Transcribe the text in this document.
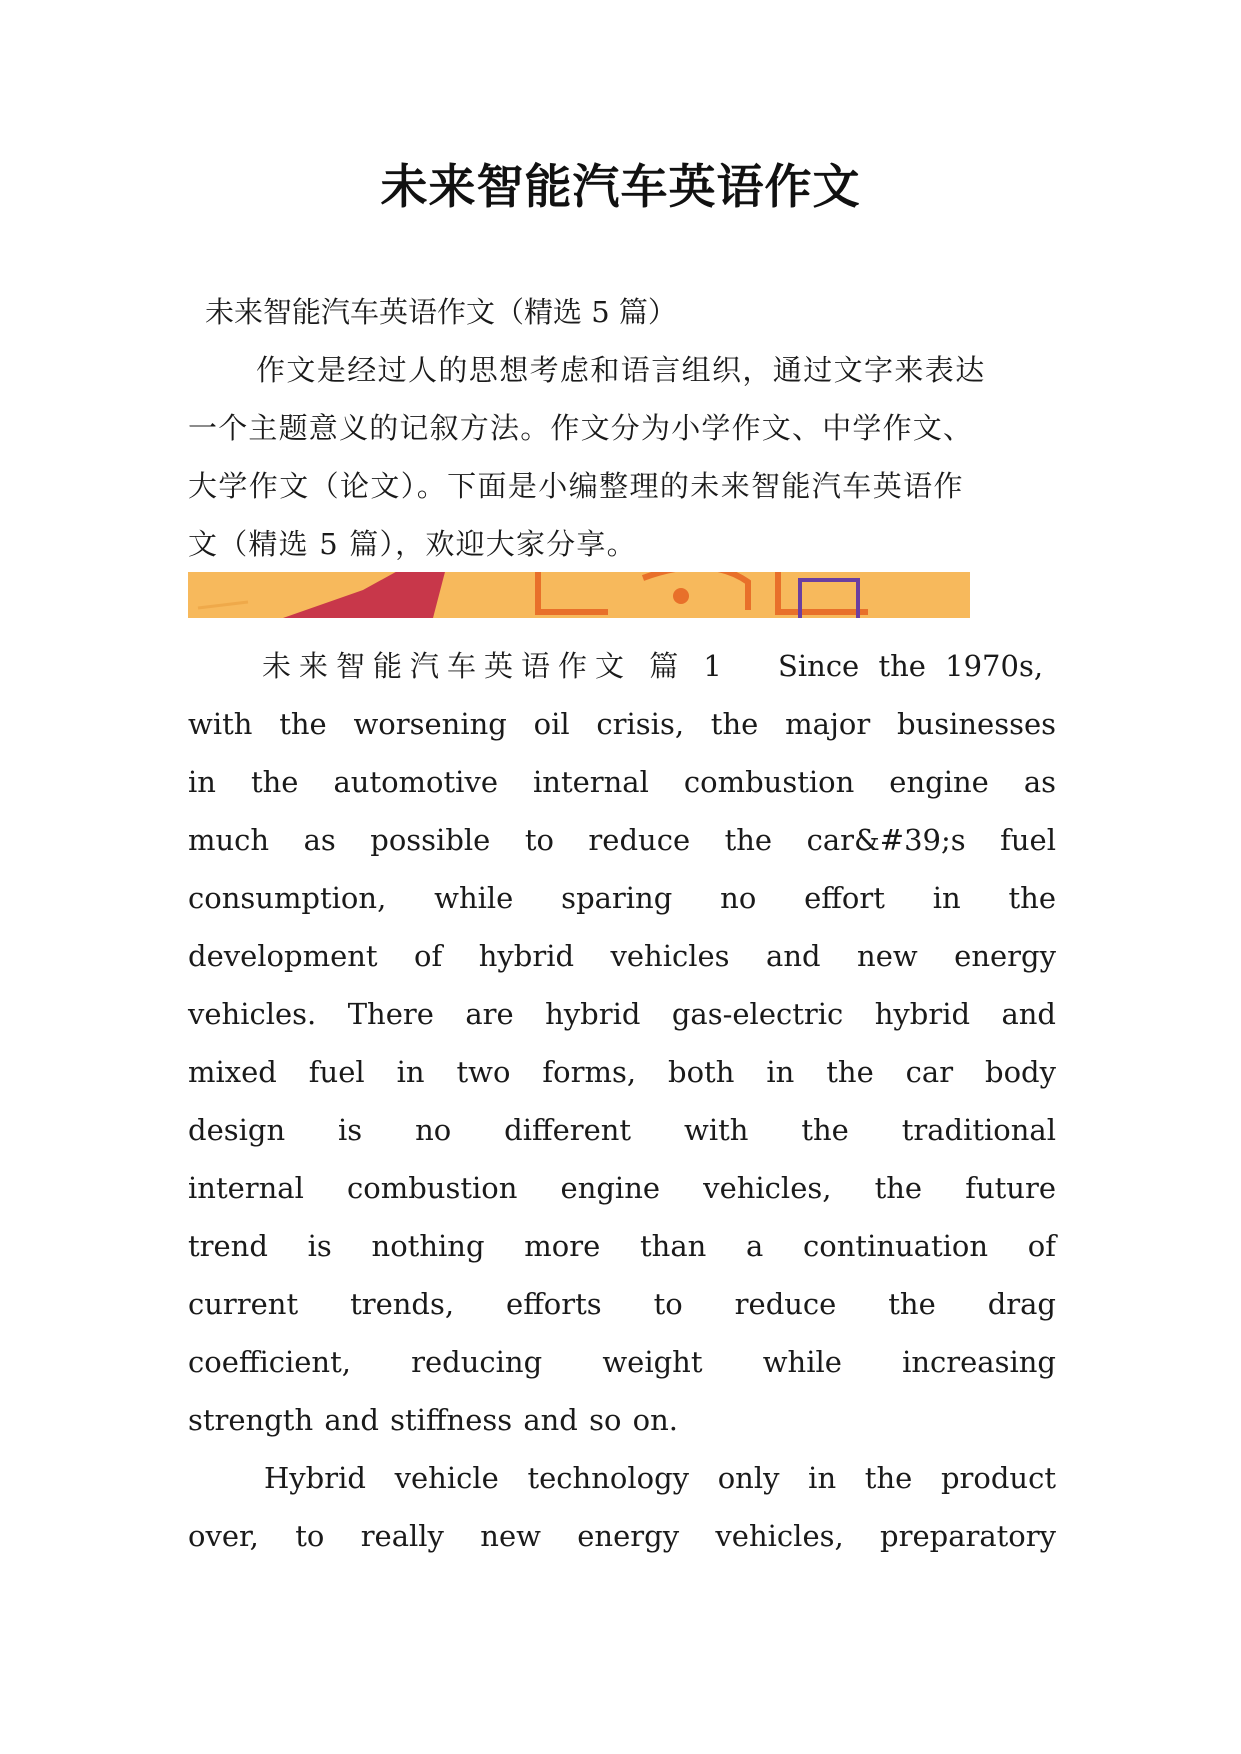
未来智能汽车英语作文

未来智能汽车英语作文（精选 5 篇）

作文是经过人的思想考虑和语言组织，通过文字来表达

一个主题意义的记叙方法。作文分为小学作文、中学作文、

大学作文（论文）。下面是小编整理的未来智能汽车英语作

文（精选 5 篇），欢迎大家分享。

未来智能汽车英语作文 篇 1 Since the 1970s,

with the worsening oil crisis, the major businesses

in the automotive internal combustion engine as

much as possible to reduce the car&#39;s fuel

consumption, while sparing no effort in the

development of hybrid vehicles and new energy

vehicles. There are hybrid gas-electric hybrid and

mixed fuel in two forms, both in the car body

design is no different with the traditional

internal combustion engine vehicles, the future

trend is nothing more than a continuation of

current trends, efforts to reduce the drag

coefficient, reducing weight while increasing

strength and stiffness and so on.

Hybrid vehicle technology only in the product

over, to really new energy vehicles, preparatory
